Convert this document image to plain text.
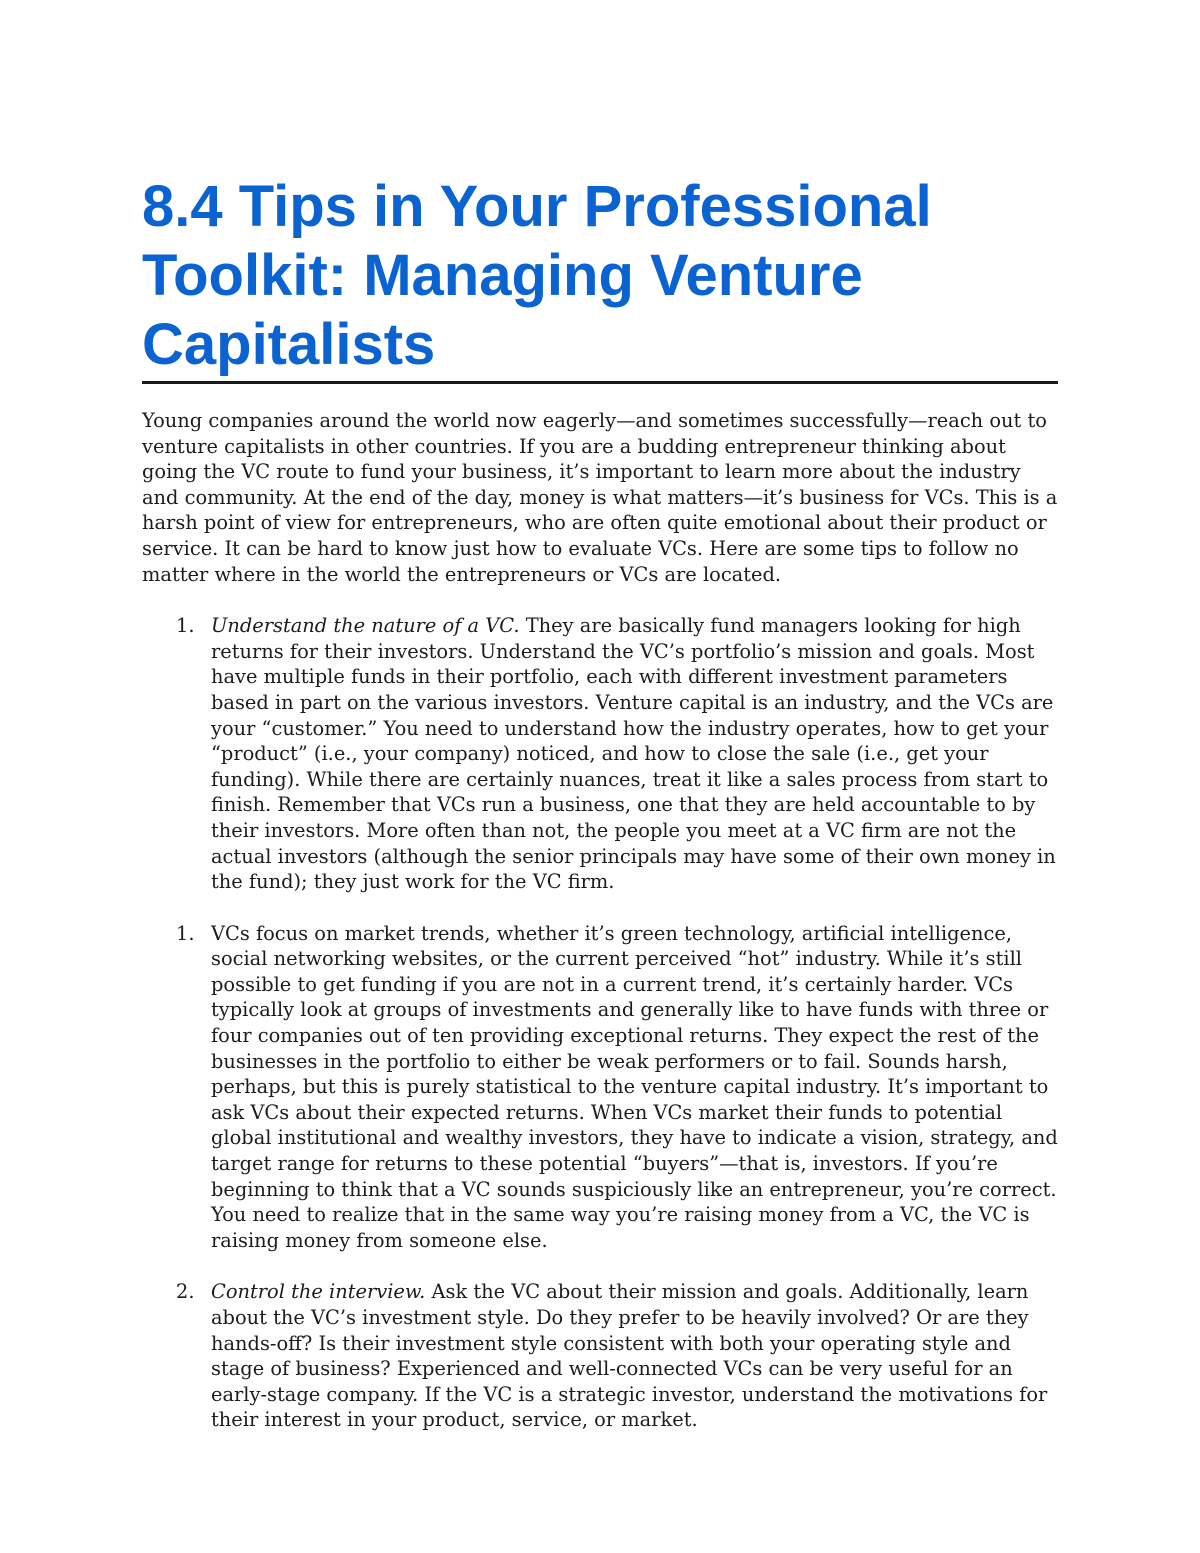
8.4 Tips in Your Professional Toolkit: Managing Venture Capitalists

Young companies around the world now eagerly—and sometimes successfully—reach out to venture capitalists in other countries. If you are a budding entrepreneur thinking about going the VC route to fund your business, it’s important to learn more about the industry and community. At the end of the day, money is what matters—it’s business for VCs. This is a harsh point of view for entrepreneurs, who are often quite emotional about their product or service. It can be hard to know just how to evaluate VCs. Here are some tips to follow no matter where in the world the entrepreneurs or VCs are located.

1. Understand the nature of a VC. They are basically fund managers looking for high returns for their investors. Understand the VC’s portfolio’s mission and goals. Most have multiple funds in their portfolio, each with different investment parameters based in part on the various investors. Venture capital is an industry, and the VCs are your “customer.” You need to understand how the industry operates, how to get your “product” (i.e., your company) noticed, and how to close the sale (i.e., get your funding). While there are certainly nuances, treat it like a sales process from start to finish. Remember that VCs run a business, one that they are held accountable to by their investors. More often than not, the people you meet at a VC firm are not the actual investors (although the senior principals may have some of their own money in the fund); they just work for the VC firm.
1. VCs focus on market trends, whether it’s green technology, artificial intelligence, social networking websites, or the current perceived “hot” industry. While it’s still possible to get funding if you are not in a current trend, it’s certainly harder. VCs typically look at groups of investments and generally like to have funds with three or four companies out of ten providing exceptional returns. They expect the rest of the businesses in the portfolio to either be weak performers or to fail. Sounds harsh, perhaps, but this is purely statistical to the venture capital industry. It’s important to ask VCs about their expected returns. When VCs market their funds to potential global institutional and wealthy investors, they have to indicate a vision, strategy, and target range for returns to these potential “buyers”—that is, investors. If you’re beginning to think that a VC sounds suspiciously like an entrepreneur, you’re correct. You need to realize that in the same way you’re raising money from a VC, the VC is raising money from someone else.
2. Control the interview. Ask the VC about their mission and goals. Additionally, learn about the VC’s investment style. Do they prefer to be heavily involved? Or are they hands-off? Is their investment style consistent with both your operating style and stage of business? Experienced and well-connected VCs can be very useful for an early-stage company. If the VC is a strategic investor, understand the motivations for their interest in your product, service, or market.
